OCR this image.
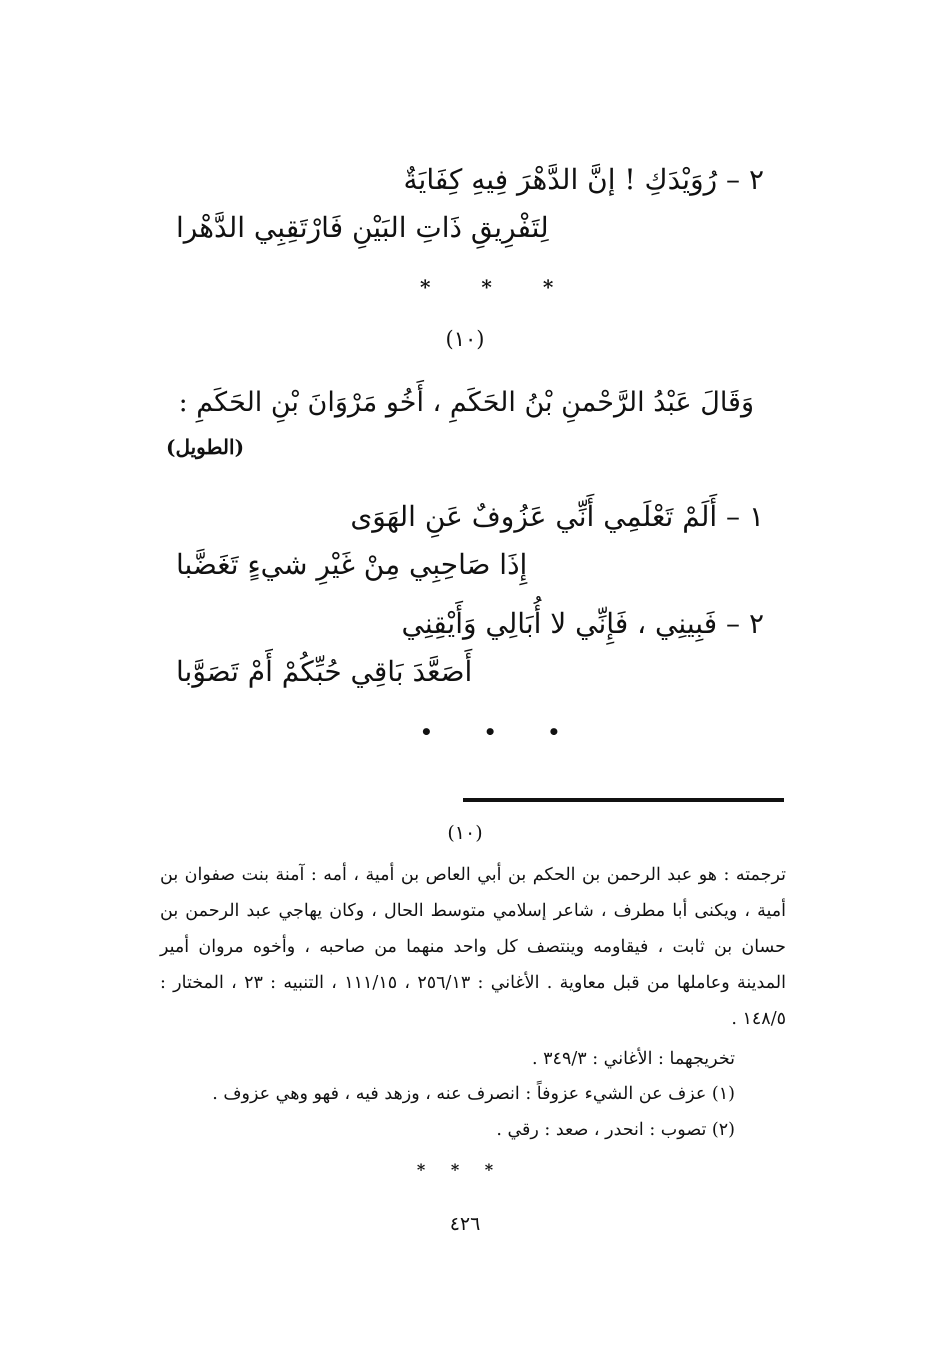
٢ – رُوَيْدَكِ ! إنَّ الدَّهْرَ فِيهِ كِفَايَةٌ
لِتَفْرِيقِ ذَاتِ البَيْنِ فَارْتَقِبِي الدَّهْرا
* * *
(١٠)
وَقَالَ عَبْدُ الرَّحْمنِ بْنُ الحَكَمِ ، أَخُو مَرْوَانَ بْنِ الحَكَمِ :
(الطويل)
١ – أَلَمْ تَعْلَمِي أَنِّي عَزُوفٌ عَنِ الهَوَى
إِذَا صَاحِبِي مِنْ غَيْرِ شيءٍ تَغَضَّبا
٢ – فَبِينِي ، فَإِنِّي لا أُبَالِي وَأَيْقِنِي
أَصَعَّدَ بَاقِي حُبِّكُمْ أَمْ تَصَوَّبا
• • •
(١٠)
ترجمته : هو عبد الرحمن بن الحكم بن أبي العاص بن أمية ، أمه : آمنة بنت صفوان بن أمية ، ويكنى أبا مطرف ، شاعر إسلامي متوسط الحال ، وكان يهاجي عبد الرحمن بن حسان بن ثابت ، فيقاومه وينتصف كل واحد منهما من صاحبه ، وأخوه مروان أمير المدينة وعاملها من قبل معاوية . الأغاني : ٢٥٦/١٣ ، ١١١/١٥ ، التنبيه : ٢٣ ، المختار : ١٤٨/٥ .
تخريجهما : الأغاني : ٣٤٩/٣ .
(١) عزف عن الشيء عزوفاً : انصرف عنه ، وزهد فيه ، فهو وهي عزوف .
(٢) تصوب : انحدر ، صعد : رقي .
* * *
٤٢٦
